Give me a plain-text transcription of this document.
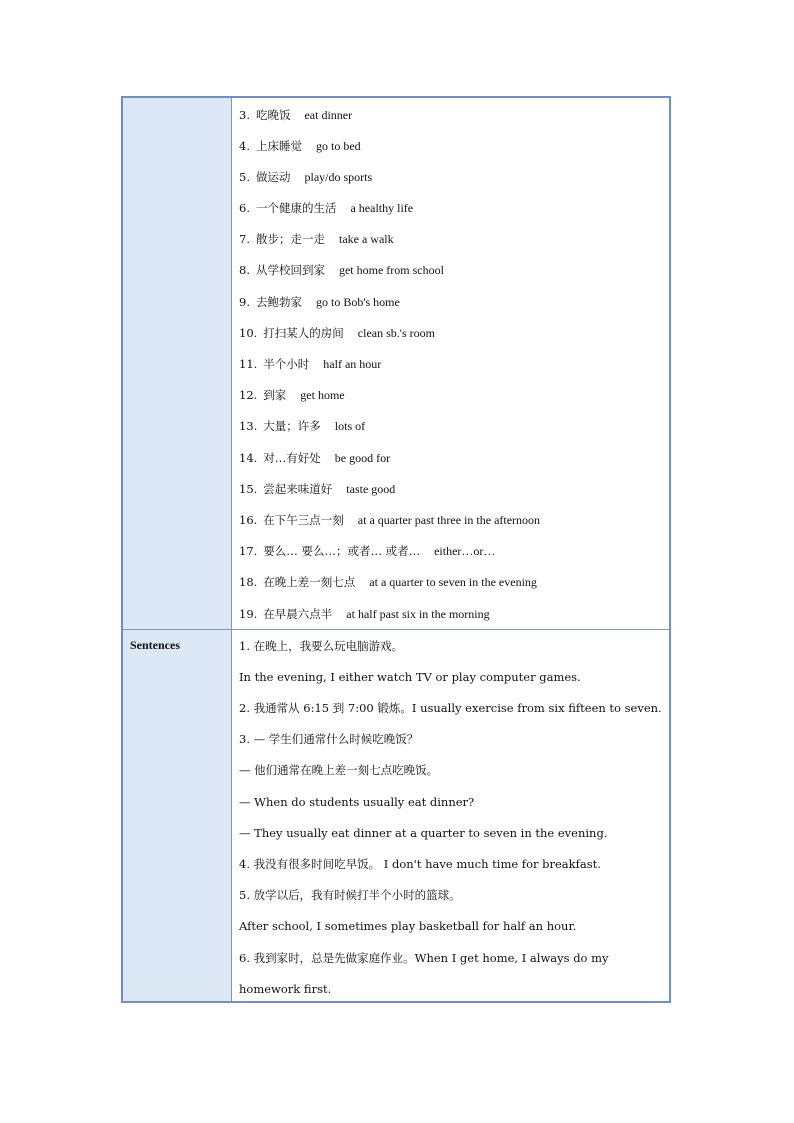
Sentences
3. 吃晚饭 eat dinner
4. 上床睡觉 go to bed
5. 做运动 play/do sports
6. 一个健康的生活 a healthy life
7. 散步；走一走 take a walk
8. 从学校回到家 get home from school
9. 去鲍勃家 go to Bob's home
10. 打扫某人的房间 clean sb.'s room
11. 半个小时 half an hour
12. 到家 get home
13. 大量；许多 lots of
14. 对…有好处 be good for
15. 尝起来味道好 taste good
16. 在下午三点一刻 at a quarter past three in the afternoon
17. 要么… 要么…；或者… 或者… either…or…
18. 在晚上差一刻七点 at a quarter to seven in the evening
19. 在早晨六点半 at half past six in the morning
1. 在晚上，我要么玩电脑游戏。
In the evening, I either watch TV or play computer games.
2. 我通常从 6:15 到 7:00 锻炼。I usually exercise from six fifteen to seven.
3. — 学生们通常什么时候吃晚饭？
— 他们通常在晚上差一刻七点吃晚饭。
— When do students usually eat dinner?
— They usually eat dinner at a quarter to seven in the evening.
4. 我没有很多时间吃早饭。 I don't have much time for breakfast.
5. 放学以后，我有时候打半个小时的篮球。
After school, I sometimes play basketball for half an hour.
6. 我到家时，总是先做家庭作业。When I get home, I always do my
homework first.
